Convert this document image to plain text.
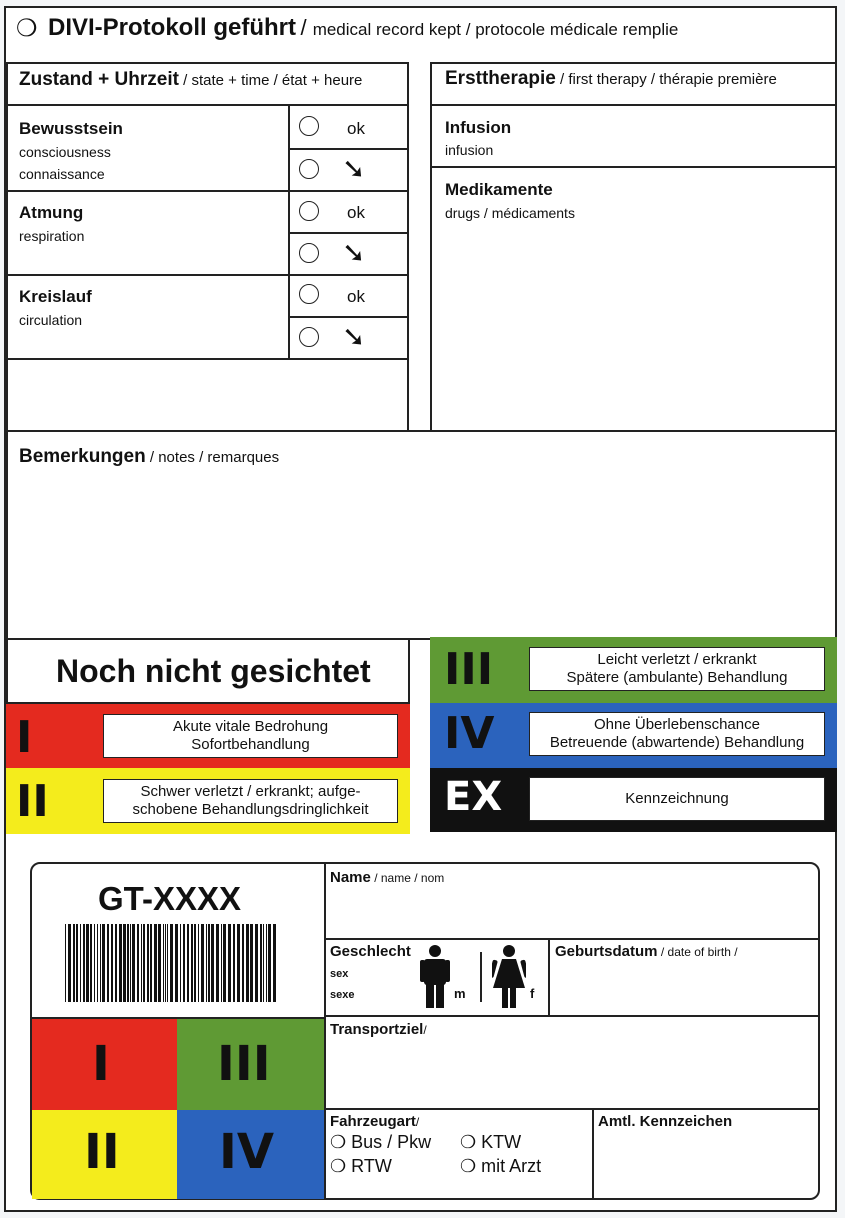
❍ DIVI-Protokoll geführt / medical record kept / protocole médicale remplie
Zustand + Uhrzeit / state + time / état + heure
Bewusstsein
consciousness
connaissance
ok
➘
Atmung
respiration
ok
➘
Kreislauf
circulation
ok
➘
Ersttherapie / first therapy / thérapie première
Infusion
infusion
Medikamente
drugs / médicaments
Bemerkungen / notes / remarques
Noch nicht gesichtet
I	Akute vitale Bedrohung
Sofortbehandlung
II	Schwer verletzt / erkrankt; aufge-
schobene Behandlungsdringlichkeit
III	Leicht verletzt / erkrankt
Spätere (ambulante) Behandlung
IV	Ohne Überlebenschance
Betreuende (abwartende) Behandlung
EX	Kennzeichnung
GT-XXXX
I III
II IV
Name / name / nom
Geschlecht
sex
sexe	m	f
Geburtsdatum / date of birth /
Transportziel/
Fahrzeugart/
❍ Bus / Pkw ❍ KTW
❍ RTW	❍ mit Arzt
Amtl. Kennzeichen
